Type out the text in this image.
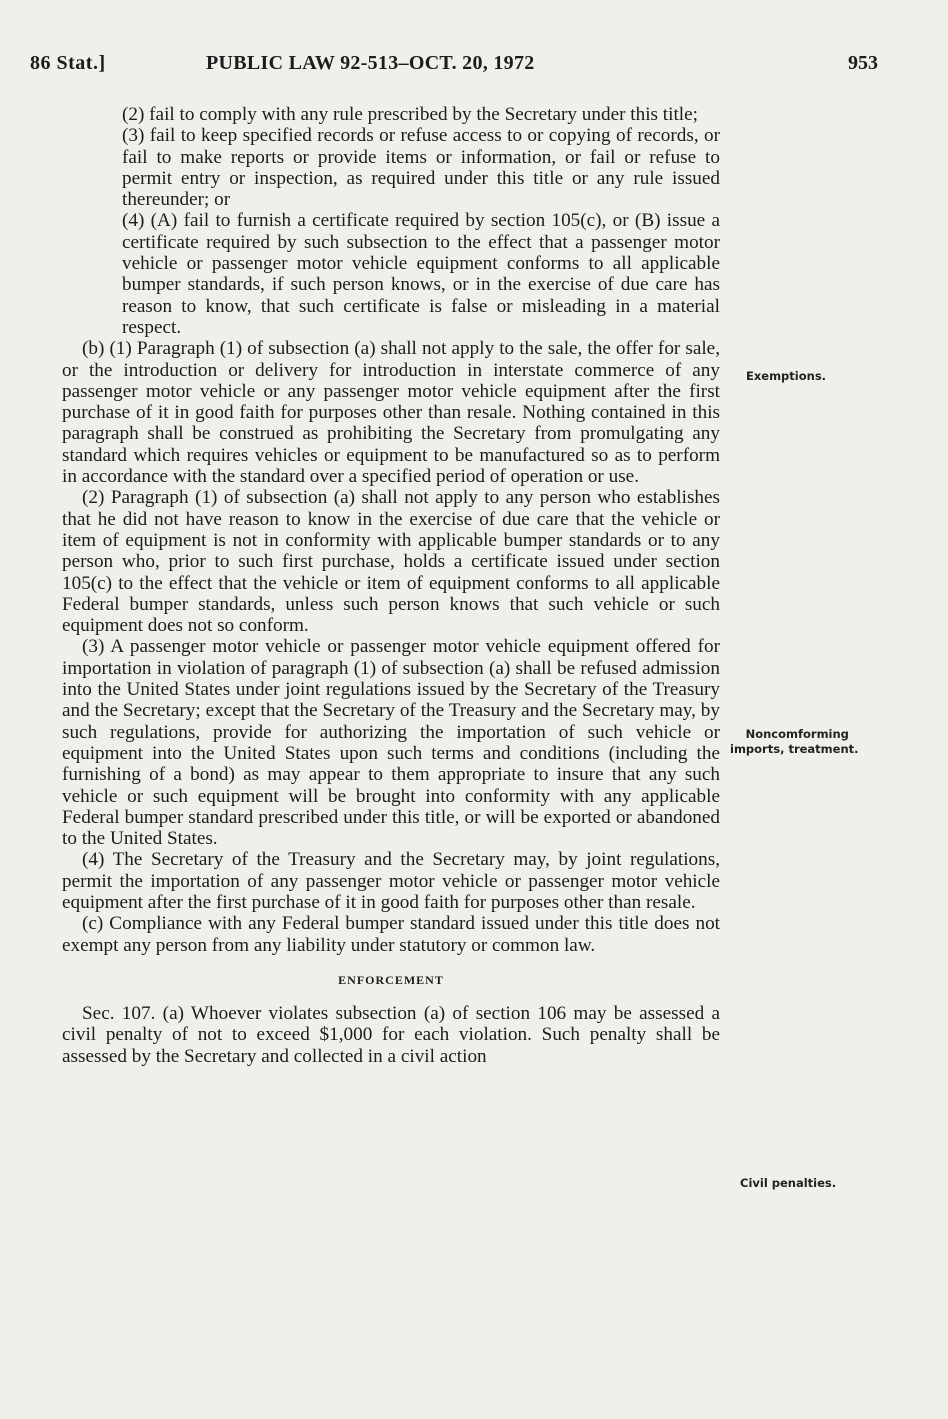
86 Stat.]	PUBLIC LAW 92-513–OCT. 20, 1972	953

(2) fail to comply with any rule prescribed by the Secretary under this title;

(3) fail to keep specified records or refuse access to or copying of records, or fail to make reports or provide items or information, or fail or refuse to permit entry or inspection, as required under this title or any rule issued thereunder; or

(4) (A) fail to furnish a certificate required by section 105(c), or (B) issue a certificate required by such subsection to the effect that a passenger motor vehicle or passenger motor vehicle equipment conforms to all applicable bumper standards, if such person knows, or in the exercise of due care has reason to know, that such certificate is false or misleading in a material respect.

(b) (1) Paragraph (1) of subsection (a) shall not apply to the sale, the offer for sale, or the introduction or delivery for introduction in interstate commerce of any passenger motor vehicle or any passenger motor vehicle equipment after the first purchase of it in good faith for purposes other than resale. Nothing contained in this paragraph shall be construed as prohibiting the Secretary from promulgating any standard which requires vehicles or equipment to be manufactured so as to perform in accordance with the standard over a specified period of operation or use.

(2) Paragraph (1) of subsection (a) shall not apply to any person who establishes that he did not have reason to know in the exercise of due care that the vehicle or item of equipment is not in conformity with applicable bumper standards or to any person who, prior to such first purchase, holds a certificate issued under section 105(c) to the effect that the vehicle or item of equipment conforms to all applicable Federal bumper standards, unless such person knows that such vehicle or such equipment does not so conform.

(3) A passenger motor vehicle or passenger motor vehicle equipment offered for importation in violation of paragraph (1) of subsection (a) shall be refused admission into the United States under joint regulations issued by the Secretary of the Treasury and the Secretary; except that the Secretary of the Treasury and the Secretary may, by such regulations, provide for authorizing the importation of such vehicle or equipment into the United States upon such terms and conditions (including the furnishing of a bond) as may appear to them appropriate to insure that any such vehicle or such equipment will be brought into conformity with any applicable Federal bumper standard prescribed under this title, or will be exported or abandoned to the United States.

(4) The Secretary of the Treasury and the Secretary may, by joint regulations, permit the importation of any passenger motor vehicle or passenger motor vehicle equipment after the first purchase of it in good faith for purposes other than resale.

(c) Compliance with any Federal bumper standard issued under this title does not exempt any person from any liability under statutory or common law.

ENFORCEMENT

Sec. 107. (a) Whoever violates subsection (a) of section 106 may be assessed a civil penalty of not to exceed $1,000 for each violation. Such penalty shall be assessed by the Secretary and collected in a civil action

Exemptions.
Noncomforming
imports, treatment.
Civil penalties.
